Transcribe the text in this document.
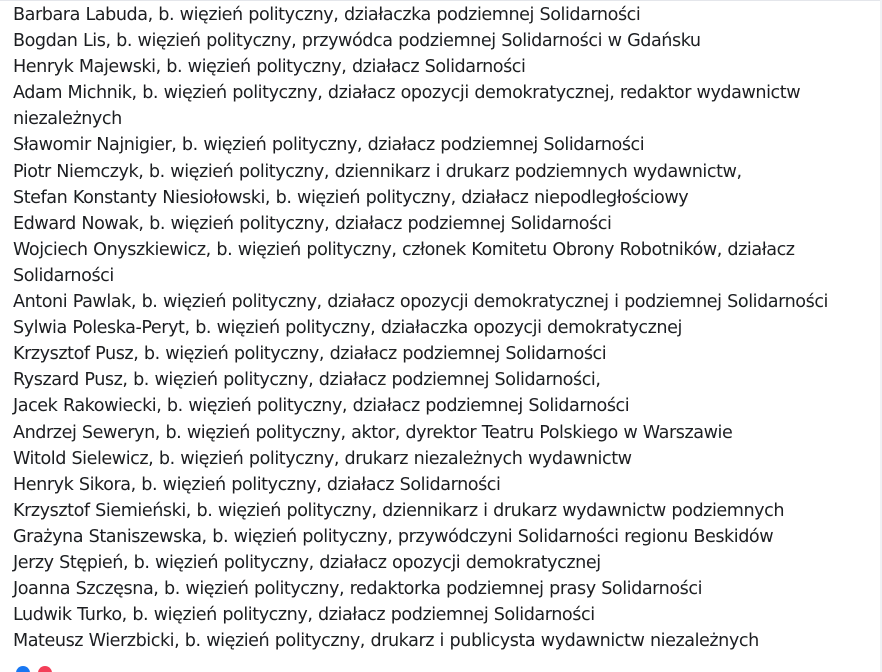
Barbara Labuda, b. więzień polityczny, działaczka podziemnej Solidarności
Bogdan Lis, b. więzień polityczny, przywódca podziemnej Solidarności w Gdańsku
Henryk Majewski, b. więzień polityczny, działacz Solidarności
Adam Michnik, b. więzień polityczny, działacz opozycji demokratycznej, redaktor wydawnictw
niezależnych
Sławomir Najnigier, b. więzień polityczny, działacz podziemnej Solidarności
Piotr Niemczyk, b. więzień polityczny, dziennikarz i drukarz podziemnych wydawnictw,
Stefan Konstanty Niesiołowski, b. więzień polityczny, działacz niepodległościowy
Edward Nowak, b. więzień polityczny, działacz podziemnej Solidarności
Wojciech Onyszkiewicz, b. więzień polityczny, członek Komitetu Obrony Robotników, działacz
Solidarności
Antoni Pawlak, b. więzień polityczny, działacz opozycji demokratycznej i podziemnej Solidarności
Sylwia Poleska-Peryt, b. więzień polityczny, działaczka opozycji demokratycznej
Krzysztof Pusz, b. więzień polityczny, działacz podziemnej Solidarności
Ryszard Pusz, b. więzień polityczny, działacz podziemnej Solidarności,
Jacek Rakowiecki, b. więzień polityczny, działacz podziemnej Solidarności
Andrzej Seweryn, b. więzień polityczny, aktor, dyrektor Teatru Polskiego w Warszawie
Witold Sielewicz, b. więzień polityczny, drukarz niezależnych wydawnictw
Henryk Sikora, b. więzień polityczny, działacz Solidarności
Krzysztof Siemieński, b. więzień polityczny, dziennikarz i drukarz wydawnictw podziemnych
Grażyna Staniszewska, b. więzień polityczny, przywódczyni Solidarności regionu Beskidów
Jerzy Stępień, b. więzień polityczny, działacz opozycji demokratycznej
Joanna Szczęsna, b. więzień polityczny, redaktorka podziemnej prasy Solidarności
Ludwik Turko, b. więzień polityczny, działacz podziemnej Solidarności
Mateusz Wierzbicki, b. więzień polityczny, drukarz i publicysta wydawnictw niezależnych
